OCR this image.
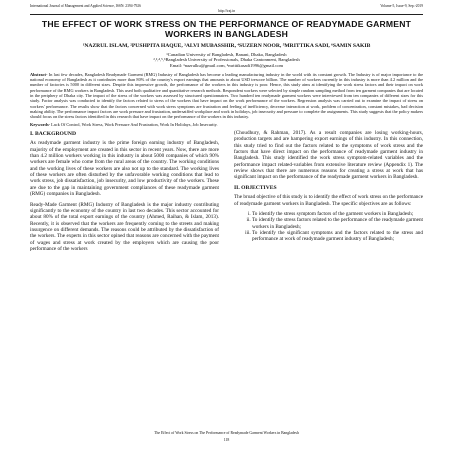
International Journal of Management and Applied Science, ISSN: 2394-7926	Volume-5, Issue-9, Sep.-2019
http://iraj.in
THE EFFECT OF WORK STRESS ON THE PERFORMANCE OF READYMADE GARMENT WORKERS IN BANGLADESH
¹NAZRUL ISLAM, ²PUSHPITA HAQUE, ³ALVI MUBASSHIR, ⁴SUZERN NOOR, ⁵MRITTIKA SADI, ⁶SAMIN SAKIB
¹Canadian University of Bangladesh, Banani, Dhaka, Bangladesh
²,³,⁴,⁵,⁶Bangladesh University of Professionals, Dhaka Cantonment, Bangladesh
Email: ¹nazrulku@gmail.com, ²mrittikasadi1996@gmail.com
Abstract- In last few decades, Bangladesh Readymade Garment (RMG) Industry of Bangladesh has become a leading manufacturing industry in the world with its constant growth. The Industry is of major importance to the national economy of Bangladesh as it contributes more than 80% of the country's export earnings that amounts to about USD trescore billion. The number of workers currently in this industry is more than 4.2 million and the number of factories is 5000 in different sizes. Despite this impressive growth, the performance of the workers in this industry is poor. Hence, this study aims at identifying the work stress factors and their impact on work performance of the RMG workers in Bangladesh. This used both qualitative and quantitative research methods. Respondent workers were selected by simple random sampling method from ten garment companies that are located in the periphery of Dhaka city. The impact of the stress of the workers was assessed by structured questionnaires. Two hundred ten readymade garment workers were interviewed from ten companies of different sizes for this study. Factor analysis was conducted to identify the factors related to stress of the workers that have impact on the work performance of the workers. Regression analysis was carried out to examine the impact of stress on workers' performance. The results show that the factors concerned with work stress symptoms are frustration and feeling of inefficiency, decrease interaction at work, problem of concentration, constant mistakes, bad decision making ability. The performance impact factors are work pressure and frustration, undersatffed workplace and work in holidays, job insecurity and pressure to complete the assignments. This study suggests that the policy makers should focus on the stress factors identified in this research that have impact on the performance of the workers in this industry.
Keywords- Lack Of Control, Work Stress, Work Pressure And Frustration, Work In Holidays, Job Insecurity.
I. BACKGROUND

As readymade garment industry is the prime foreign earning industry of Bangladesh, majority of the employment are created in this sector in recent years. Now, there are more than 4.2 million workers working in this industry in about 5000 companies of which 90% workers are female who come from the rural areas of the country. The working conditions and the working lives of these workers are also not up to the standard. The working lives of these workers are often disturbed by the unfavorable working conditions that lead to work stress, job dissatisfaction, job insecurity, and low productivity of the workers. These are due to the gap in maintaining government compliances of these readymade garment (RMG) companies in Bangladesh.

Ready-Made Garment (RMG) Industry of Bangladesh is the major industry contributing significantly to the economy of the country in last two decades. This sector accounted for about 80% of the total export earnings of the country (Ahmed, Raihan, & Islam, 2013). Recently, it is observed that the workers are frequently coming to the streets and making insurgence on different demands. The reasons could be attributed by the dissatisfaction of the workers. The experts in this sector opined that reasons are concerned with the payment of wages and stress at work created by the employers which are causing the poor performance of the workers

(Choudhury, & Rahman, 2017). As a result companies are losing working-hours, production targets and are hampering export earnings of this industry. In this connection, this study tried to find out the factors related to the symptoms of work stress and the factors that have direct impact on the performance of readymade garment industry in Bangladesh. This study identified the work stress symptom-related variables and the performance impact related-variables from extensive literature review (Appendix 1). The review shows that there are numerous reasons for creating a stress at work that has significant impact on the performance of the readymade garment workers in Bangladesh.

II. OBJECTIVES

The broad objective of this study is to identify the effect of work stress on the performance of readymade garment workers in Bangladesh. The specific objectives are as follows:

i. To identify the stress symptom factors of the garment workers in Bangladesh;
ii. To identify the stress factors related to the performance of the readymade garment workers in Bangladesh;
iii. To identify the significant symptoms and the factors related to the stress and performance at work of readymade garment industry of Bangladesh;
The Effect of Work Stress on The Performance of Readymade Garment Workers in Bangladesh
118
